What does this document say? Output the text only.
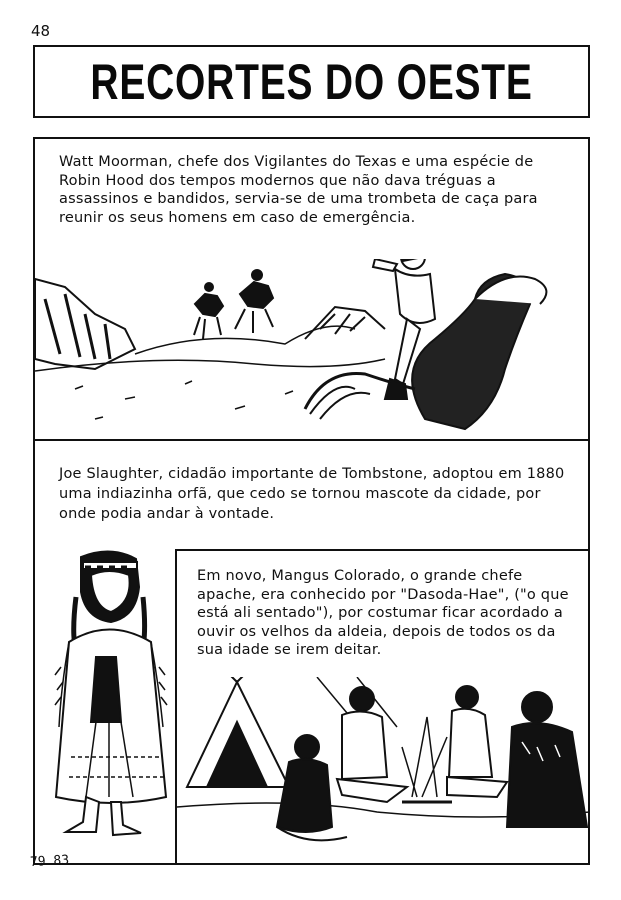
48
RECORTES DO OESTE
Watt Moorman, chefe dos Vigilantes do Texas e uma espécie de Robin Hood dos tempos modernos que não dava tréguas a assassinos e bandidos, servia-se de uma trombeta de caça para reunir os seus homens em caso de emergência.
Joe Slaughter, cidadão importante de Tombstone, adoptou em 1880 uma indiazinha orfã, que cedo se tornou mascote da cidade, por onde podia andar à vontade.
Em novo, Mangus Colorado, o grande chefe apache, era conhecido por "Dasoda-Hae", ("o que está ali sentado"), por costumar ficar acordado a ouvir os velhos da aldeia, depois de todos os da sua idade se irem deitar.
79 83
